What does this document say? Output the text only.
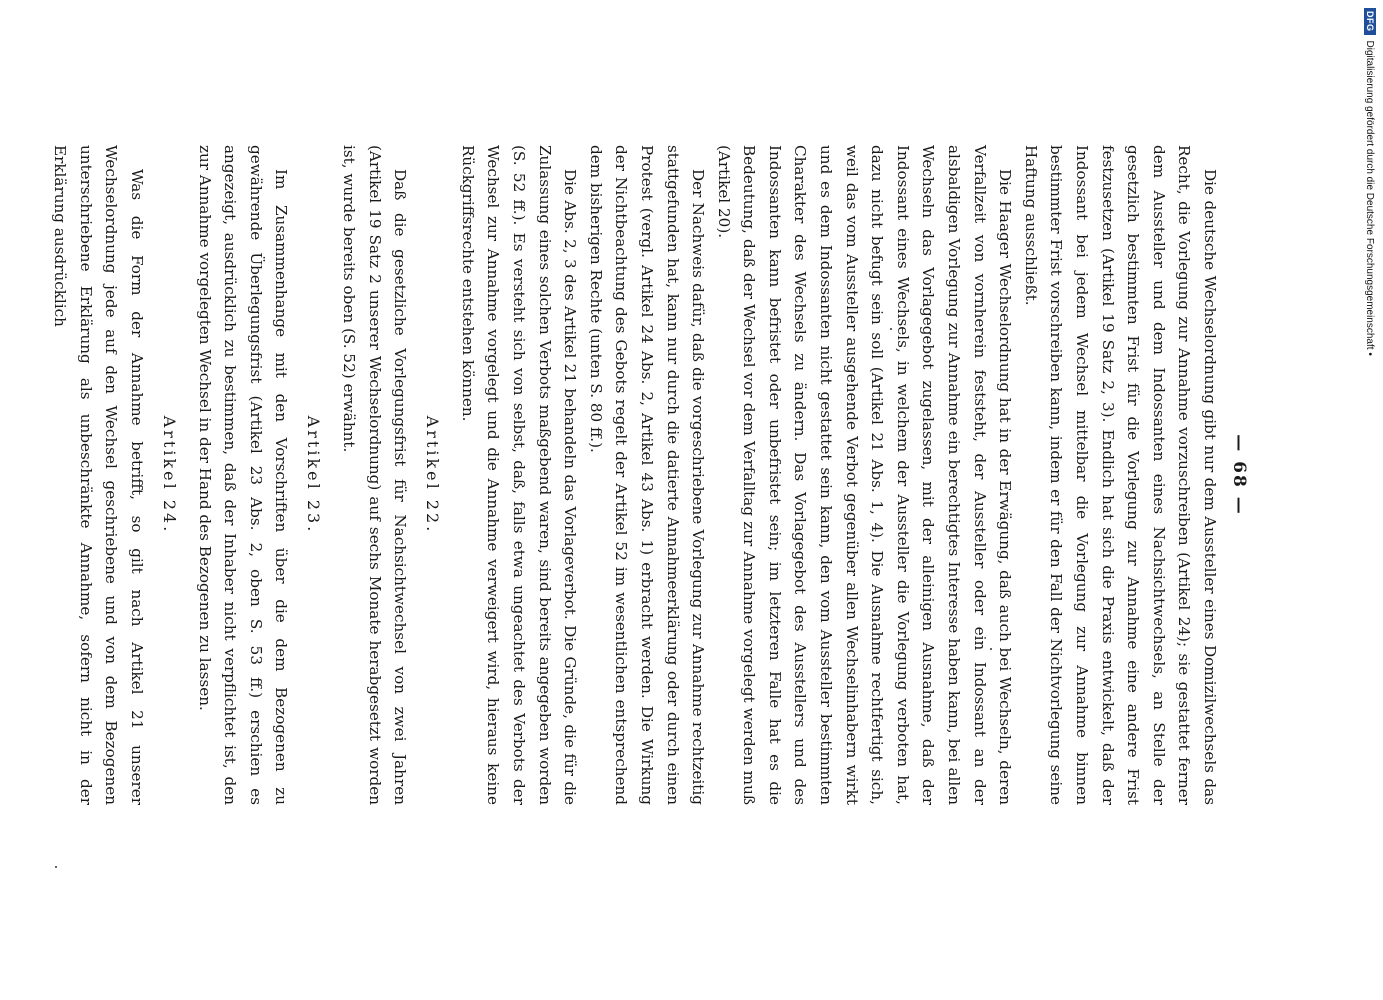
— 68 —

Die deutsche Wechselordnung gibt nur dem Aussteller eines Domizilwechsels das Recht, die Vorlegung zur Annahme vorzuschreiben (Artikel 24); sie gestattet ferner dem Aussteller und dem Indossanten eines Nachsichtwechsels, an Stelle der gesetzlich bestimmten Frist für die Vorlegung zur Annahme eine andere Frist festzusetzen (Artikel 19 Satz 2, 3). Endlich hat sich die Praxis entwickelt, daß der Indossant bei jedem Wechsel mittelbar die Vorlegung zur Annahme binnen bestimmter Frist vorschreiben kann, indem er für den Fall der Nichtvorlegung seine Haftung ausschließt.

Die Haager Wechselordnung hat in der Erwägung, daß auch bei Wechseln, deren Verfallzeit von vornherein feststeht, der Aussteller oder ein Indossant an der alsbaldigen Vorlegung zur Annahme ein berechtigtes Interesse haben kann, bei allen Wechseln das Vorlagegebot zugelassen, mit der alleinigen Ausnahme, daß der Indossant eines Wechsels, in welchem der Aussteller die Vorlegung verboten hat, dazu nicht befugt sein soll (Artikel 21 Abs. 1, 4). Die Ausnahme rechtfertigt sich, weil das vom Aussteller ausgehende Verbot gegenüber allen Wechselinhabern wirkt und es dem Indossanten nicht gestattet sein kann, den vom Aussteller bestimmten Charakter des Wechsels zu ändern. Das Vorlagegebot des Ausstellers und des Indossanten kann befristet oder unbefristet sein; im letzteren Falle hat es die Bedeutung, daß der Wechsel vor dem Verfalltag zur Annahme vorgelegt werden muß (Artikel 20).

Der Nachweis dafür, daß die vorgeschriebene Vorlegung zur Annahme rechtzeitig stattgefunden hat, kann nur durch die datierte Annahmeerklärung oder durch einen Protest (vergl. Artikel 24 Abs. 2, Artikel 43 Abs. 1) erbracht werden. Die Wirkung der Nichtbeachtung des Gebots regelt der Artikel 52 im wesentlichen entsprechend dem bisherigen Rechte (unten S. 80 ff.).

Die Abs. 2, 3 des Artikel 21 behandeln das Vorlageverbot. Die Gründe, die für die Zulassung eines solchen Verbots maßgebend waren, sind bereits angegeben worden (S. 52 ff.). Es versteht sich von selbst, daß, falls etwa ungeachtet des Verbots der Wechsel zur Annahme vorgelegt und die Annahme verweigert wird, hieraus keine Rückgriffsrechte entstehen können.

Artikel 22.

Daß die gesetzliche Vorlegungsfrist für Nachsichtwechsel von zwei Jahren (Artikel 19 Satz 2 unserer Wechselordnung) auf sechs Monate herabgesetzt worden ist, wurde bereits oben (S. 52) erwähnt.

Artikel 23.

Im Zusammenhange mit den Vorschriften über die dem Bezogenen zu gewährende Überlegungsfrist (Artikel 23 Abs. 2, oben S. 53 ff.) erschien es angezeigt, ausdrücklich zu bestimmen, daß der Inhaber nicht verpflichtet ist, den zur Annahme vorgelegten Wechsel in der Hand des Bezogenen zu lassen.

Artikel 24.

Was die Form der Annahme betrifft, so gilt nach Artikel 21 unserer Wechselordnung jede auf den Wechsel geschriebene und von dem Bezogenen unterschriebene Erklärung als unbeschränkte Annahme, sofern nicht in der Erklärung ausdrücklich

DFG
Digitalisierung gefördert durch die Deutsche Forschungsgemeinschaft •
